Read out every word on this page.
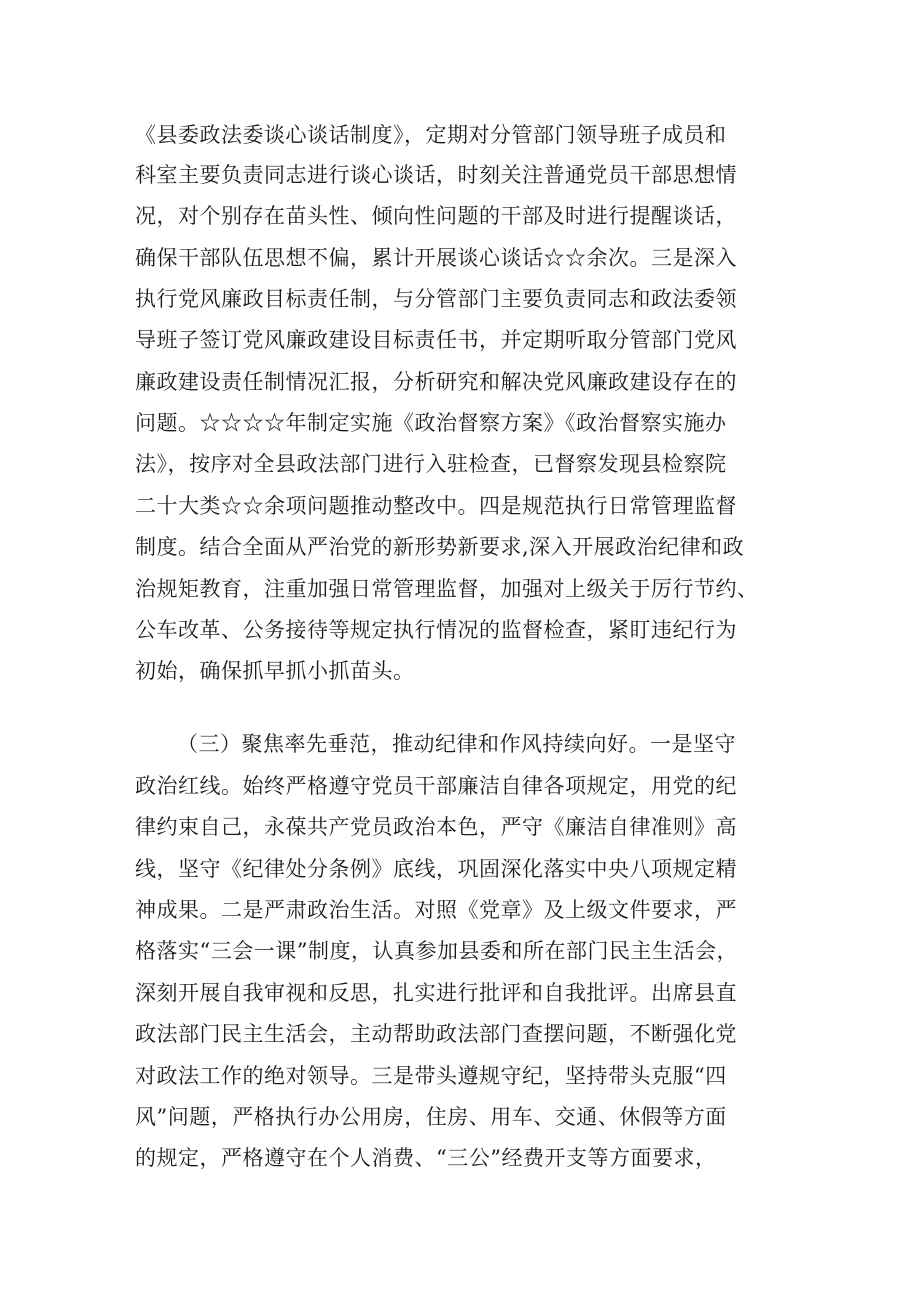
《县委政法委谈心谈话制度》，定期对分管部门领导班子成员和
科室主要负责同志进行谈心谈话，时刻关注普通党员干部思想情
况，对个别存在苗头性、倾向性问题的干部及时进行提醒谈话，
确保干部队伍思想不偏，累计开展谈心谈话☆☆余次。三是深入
执行党风廉政目标责任制，与分管部门主要负责同志和政法委领
导班子签订党风廉政建设目标责任书，并定期听取分管部门党风
廉政建设责任制情况汇报，分析研究和解决党风廉政建设存在的
问题。☆☆☆☆年制定实施《政治督察方案》《政治督察实施办
法》，按序对全县政法部门进行入驻检查，已督察发现县检察院
二十大类☆☆余项问题推动整改中。四是规范执行日常管理监督
制度。结合全面从严治党的新形势新要求,深入开展政治纪律和政
治规矩教育，注重加强日常管理监督，加强对上级关于厉行节约、
公车改革、公务接待等规定执行情况的监督检查，紧盯违纪行为
初始，确保抓早抓小抓苗头。
（三）聚焦率先垂范，推动纪律和作风持续向好。一是坚守
政治红线。始终严格遵守党员干部廉洁自律各项规定，用党的纪
律约束自己，永葆共产党员政治本色，严守《廉洁自律准则》高
线，坚守《纪律处分条例》底线，巩固深化落实中央八项规定精
神成果。二是严肃政治生活。对照《党章》及上级文件要求，严
格落实“三会一课”制度，认真参加县委和所在部门民主生活会，
深刻开展自我审视和反思，扎实进行批评和自我批评。出席县直
政法部门民主生活会，主动帮助政法部门查摆问题，不断强化党
对政法工作的绝对领导。三是带头遵规守纪，坚持带头克服“四
风”问题，严格执行办公用房，住房、用车、交通、休假等方面
的规定，严格遵守在个人消费、“三公”经费开支等方面要求，
